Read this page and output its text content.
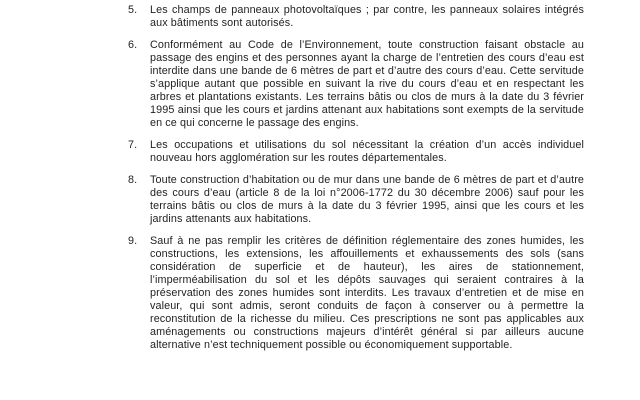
5.	Les champs de panneaux photovoltaïques ; par contre, les panneaux solaires intégrés aux bâtiments sont autorisés.
6.	Conformément au Code de l’Environnement, toute construction faisant obstacle au passage des engins et des personnes ayant la charge de l’entretien des cours d’eau est interdite dans une bande de 6 mètres de part et d’autre des cours d’eau. Cette servitude s’applique autant que possible en suivant la rive du cours d’eau et en respectant les arbres et plantations existants. Les terrains bâtis ou clos de murs à la date du 3 février 1995 ainsi que les cours et jardins attenant aux habitations sont exempts de la servitude en ce qui concerne le passage des engins.
7.	Les occupations et utilisations du sol nécessitant la création d’un accès individuel nouveau hors agglomération sur les routes départementales.
8.	Toute construction d’habitation ou de mur dans une bande de 6 mètres de part et d’autre des cours d’eau (article 8 de la loi n°2006-1772 du 30 décembre 2006) sauf pour les terrains bâtis ou clos de murs à la date du 3 février 1995, ainsi que les cours et les jardins attenants aux habitations.
9.	Sauf à ne pas remplir les critères de définition réglementaire des zones humides, les constructions, les extensions, les affouillements et exhaussements des sols (sans considération de superficie et de hauteur), les aires de stationnement, l’imperméabilisation du sol et les dépôts sauvages qui seraient contraires à la préservation des zones humides sont interdits. Les travaux d’entretien et de mise en valeur, qui sont admis, seront conduits de façon à conserver ou à permettre la reconstitution de la richesse du milieu. Ces prescriptions ne sont pas applicables aux aménagements ou constructions majeurs d’intérêt général si par ailleurs aucune alternative n’est techniquement possible ou économiquement supportable.
